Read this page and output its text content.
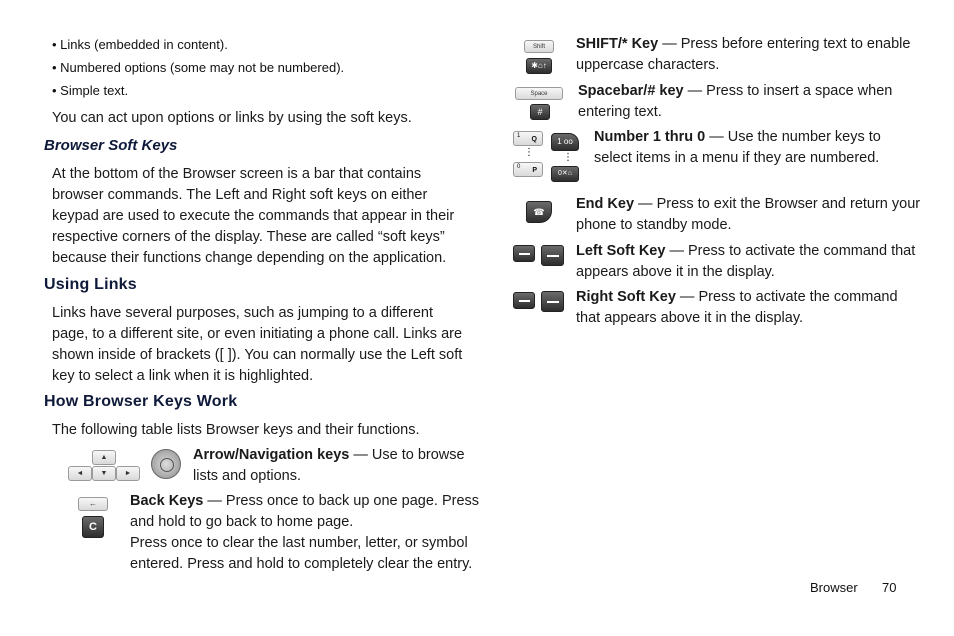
• Links (embedded in content).
• Numbered options (some may not be numbered).
• Simple text.
You can act upon options or links by using the soft keys.
Browser Soft Keys
At the bottom of the Browser screen is a bar that contains
browser commands. The Left and Right soft keys on either
keypad are used to execute the commands that appear in their
respective corners of the display. These are called “soft keys”
because their functions change depending on the application.
Using Links
Links have several purposes, such as jumping to a different
page, to a different site, or even initiating a phone call. Links are
shown inside of brackets ([ ]). You can normally use the Left soft
key to select a link when it is highlighted.
How Browser Keys Work
The following table lists Browser keys and their functions.
▲
◄	▼	►
Arrow/Navigation keys — Use to browse
lists and options.
←
C
Back Keys — Press once to back up one page. Press
and hold to go back to home page.
Press once to clear the last number, letter, or symbol
entered. Press and hold to completely clear the entry.
Shift
✱⌂↑
SHIFT/* Key — Press before entering text to enable
uppercase characters.
Space
#
Spacebar/# key — Press to insert a space when
entering text.
1 Q	1 oo
⋮	⋮
0 P	0✕⌂
Number 1 thru 0 — Use the number keys to
select items in a menu if they are numbered.
☎	End Key — Press to exit the Browser and return your
phone to standby mode.
Left Soft Key — Press to activate the command that
appears above it in the display.
Right Soft Key — Press to activate the command
that appears above it in the display.
Browser 70
